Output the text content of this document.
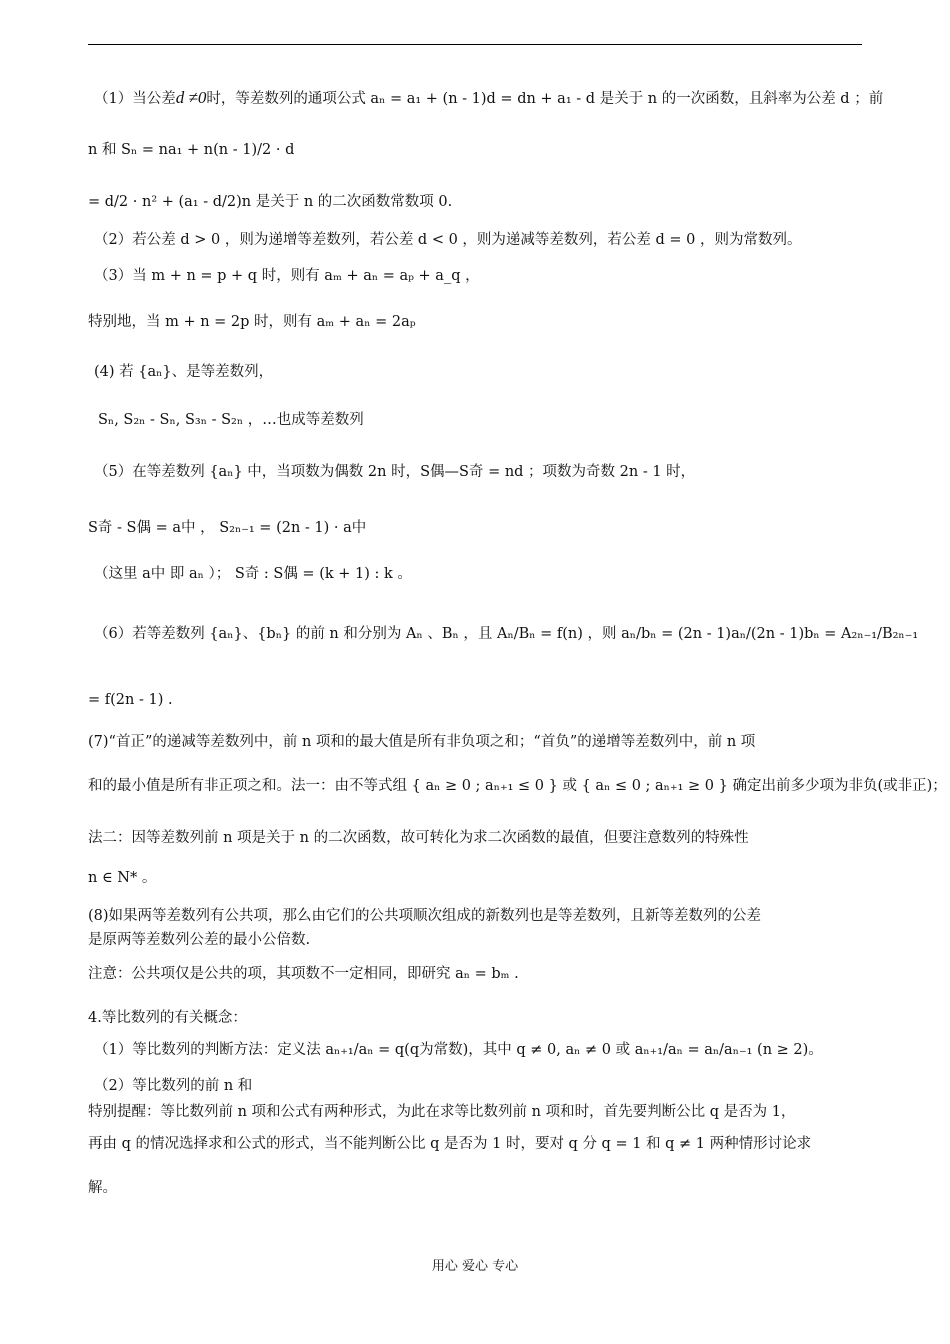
（1）当公差d ≠0时，等差数列的通项公式 aₙ = a₁ + (n - 1)d = dn + a₁ - d 是关于 n 的一次函数，且斜率为公差 d ；前
n 和 Sₙ = na₁ + n(n - 1)/2 · d
= d/2 · n² + (a₁ - d/2)n 是关于 n 的二次函数常数项 0.
（2）若公差 d > 0 ，则为递增等差数列，若公差 d < 0 ，则为递减等差数列，若公差 d = 0 ，则为常数列。
（3）当 m + n = p + q 时，则有 aₘ + aₙ = aₚ + a_q ，
特别地，当 m + n = 2p 时，则有 aₘ + aₙ = 2aₚ
(4) 若 {aₙ}、是等差数列，
Sₙ, S₂ₙ - Sₙ, S₃ₙ - S₂ₙ ，…也成等差数列
（5）在等差数列 {aₙ} 中，当项数为偶数 2n 时，S偶—S奇 = nd ；项数为奇数 2n - 1 时，
S奇 - S偶 = a中 ， S₂ₙ₋₁ = (2n - 1) · a中
（这里 a中 即 aₙ ）； S奇 : S偶 = (k + 1) : k 。
（6）若等差数列 {aₙ}、{bₙ} 的前 n 和分别为 Aₙ 、Bₙ ，且 Aₙ/Bₙ = f(n) ，则 aₙ/bₙ = (2n - 1)aₙ/(2n - 1)bₙ = A₂ₙ₋₁/B₂ₙ₋₁
= f(2n - 1) .
(7)“首正”的递减等差数列中，前 n 项和的最大值是所有非负项之和；“首负”的递增等差数列中，前 n 项
和的最小值是所有非正项之和。法一：由不等式组 { aₙ ≥ 0 ; aₙ₊₁ ≤ 0 } 或 { aₙ ≤ 0 ; aₙ₊₁ ≥ 0 } 确定出前多少项为非负(或非正)；
法二：因等差数列前 n 项是关于 n 的二次函数，故可转化为求二次函数的最值，但要注意数列的特殊性
n ∈ N* 。
(8)如果两等差数列有公共项，那么由它们的公共项顺次组成的新数列也是等差数列，且新等差数列的公差
是原两等差数列公差的最小公倍数.
注意：公共项仅是公共的项，其项数不一定相同，即研究 aₙ = bₘ .
4.等比数列的有关概念：
（1）等比数列的判断方法：定义法 aₙ₊₁/aₙ = q(q为常数)，其中 q ≠ 0, aₙ ≠ 0 或 aₙ₊₁/aₙ = aₙ/aₙ₋₁ (n ≥ 2)。
（2）等比数列的前 n 和
特别提醒：等比数列前 n 项和公式有两种形式，为此在求等比数列前 n 项和时，首先要判断公比 q 是否为 1，
再由 q 的情况选择求和公式的形式，当不能判断公比 q 是否为 1 时，要对 q 分 q = 1 和 q ≠ 1 两种情形讨论求
解。
用心 爱心 专心
